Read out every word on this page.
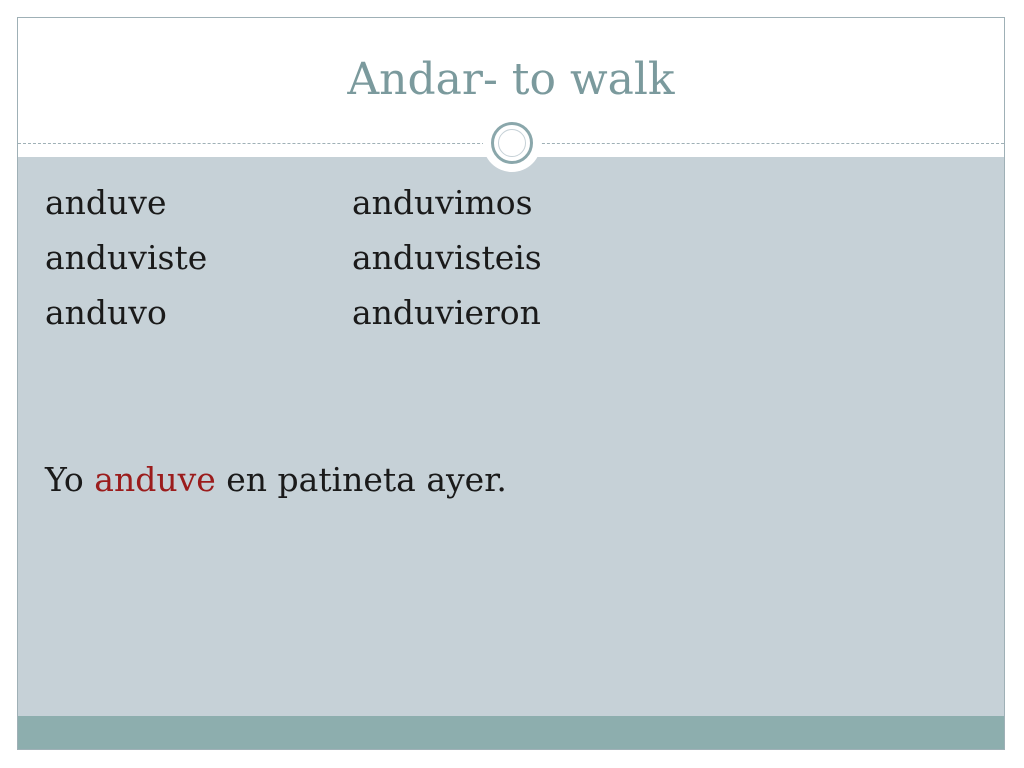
Andar- to walk
anduve
anduviste
anduvo
anduvimos
anduvisteis
anduvieron
Yo anduve en patineta ayer.
